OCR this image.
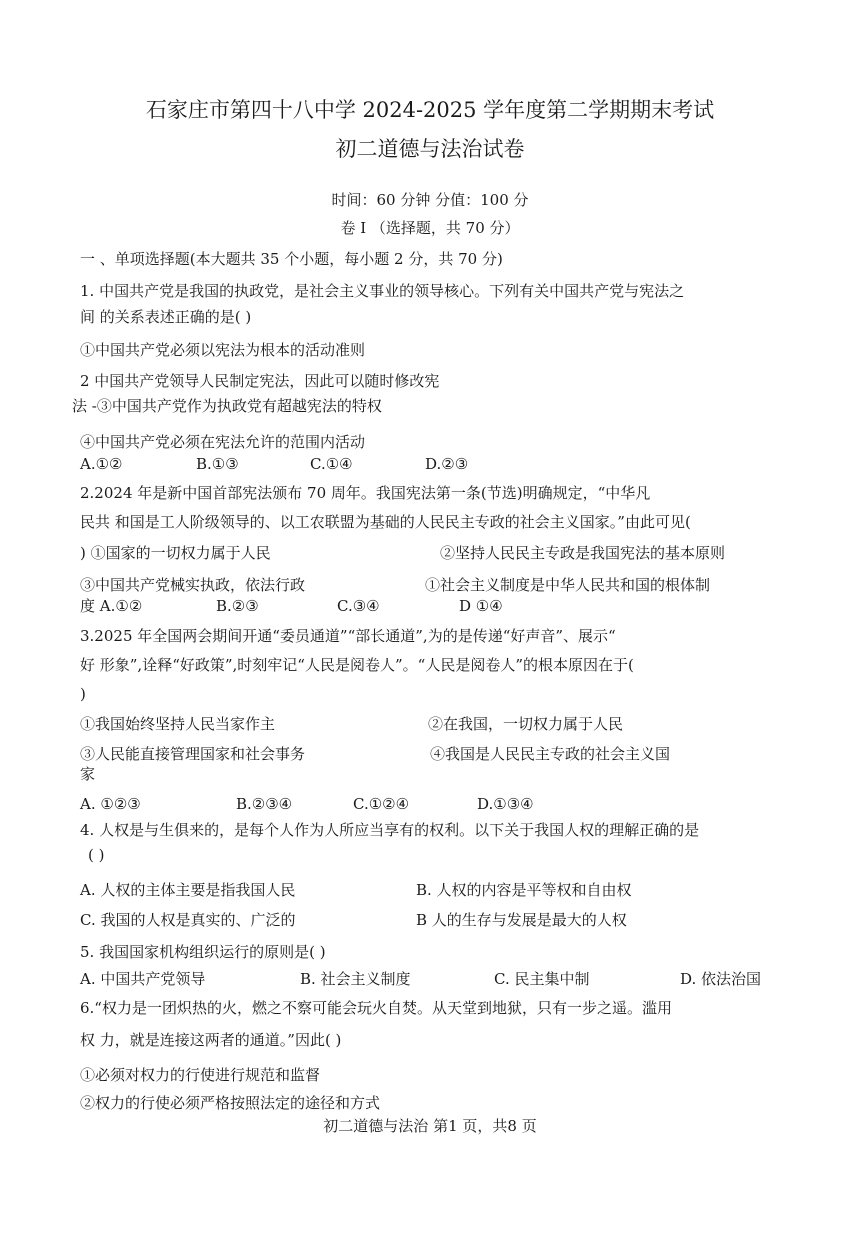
石家庄市第四十八中学 2024-2025 学年度第二学期期末考试
初二道德与法治试卷
时间：60 分钟 分值：100 分
卷 Ⅰ （选择题，共 70 分）
一 、单项选择题(本大题共 35 个小题，每小题 2 分，共 70 分)
1. 中国共产党是我国的执政党，是社会主义事业的领导核心。下列有关中国共产党与宪法之
间 的关系表述正确的是( )
①中国共产党必须以宪法为根本的活动准则
2 中国共产党领导人民制定宪法，因此可以随时修改宪
法 -③中国共产党作为执政党有超越宪法的特权
④中国共产党必须在宪法允许的范围内活动
A.①②	B.①③	C.①④	D.②③
2.2024 年是新中国首部宪法颁布 70 周年。我国宪法第一条(节选)明确规定，“中华凡
民共 和国是工人阶级领导的、以工农联盟为基础的人民民主专政的社会主义国家。”由此可见(
) ①国家的一切权力属于人民	②坚持人民民主专政是我国宪法的基本原则
③中国共产党械实执政，依法行政	①社会主义制度是中华人民共和国的根体制
度 A.①②	B.②③	C.③④	D ①④
3.2025 年全国两会期间开通“委员通道”“部长通道”,为的是传递“好声音”、展示“
好 形象”,诠释“好政策”,时刻牢记“人民是阅卷人”。“人民是阅卷人”的根本原因在于(
)
①我国始终坚持人民当家作主	②在我国，一切权力属于人民
③人民能直接管理国家和社会事务	④我国是人民民主专政的社会主义国
家
A. ①②③	B.②③④	C.①②④	D.①③④
4. 人权是与生俱来的，是每个人作为人所应当享有的权利。以下关于我国人权的理解正确的是
( )
A. 人权的主体主要是指我国人民	B. 人权的内容是平等权和自由权
C. 我国的人权是真实的、广泛的	B 人的生存与发展是最大的人权
5. 我国国家机构组织运行的原则是( )
A. 中国共产党领导	B. 社会主义制度	C. 民主集中制	D. 依法治国
6.“权力是一团炽热的火，燃之不察可能会玩火自焚。从天堂到地狱，只有一步之遥。滥用
权 力，就是连接这两者的通道。”因此( )
①必须对权力的行使进行规范和监督
②权力的行使必须严格按照法定的途径和方式
初二道德与法治 第1 页，共8 页
